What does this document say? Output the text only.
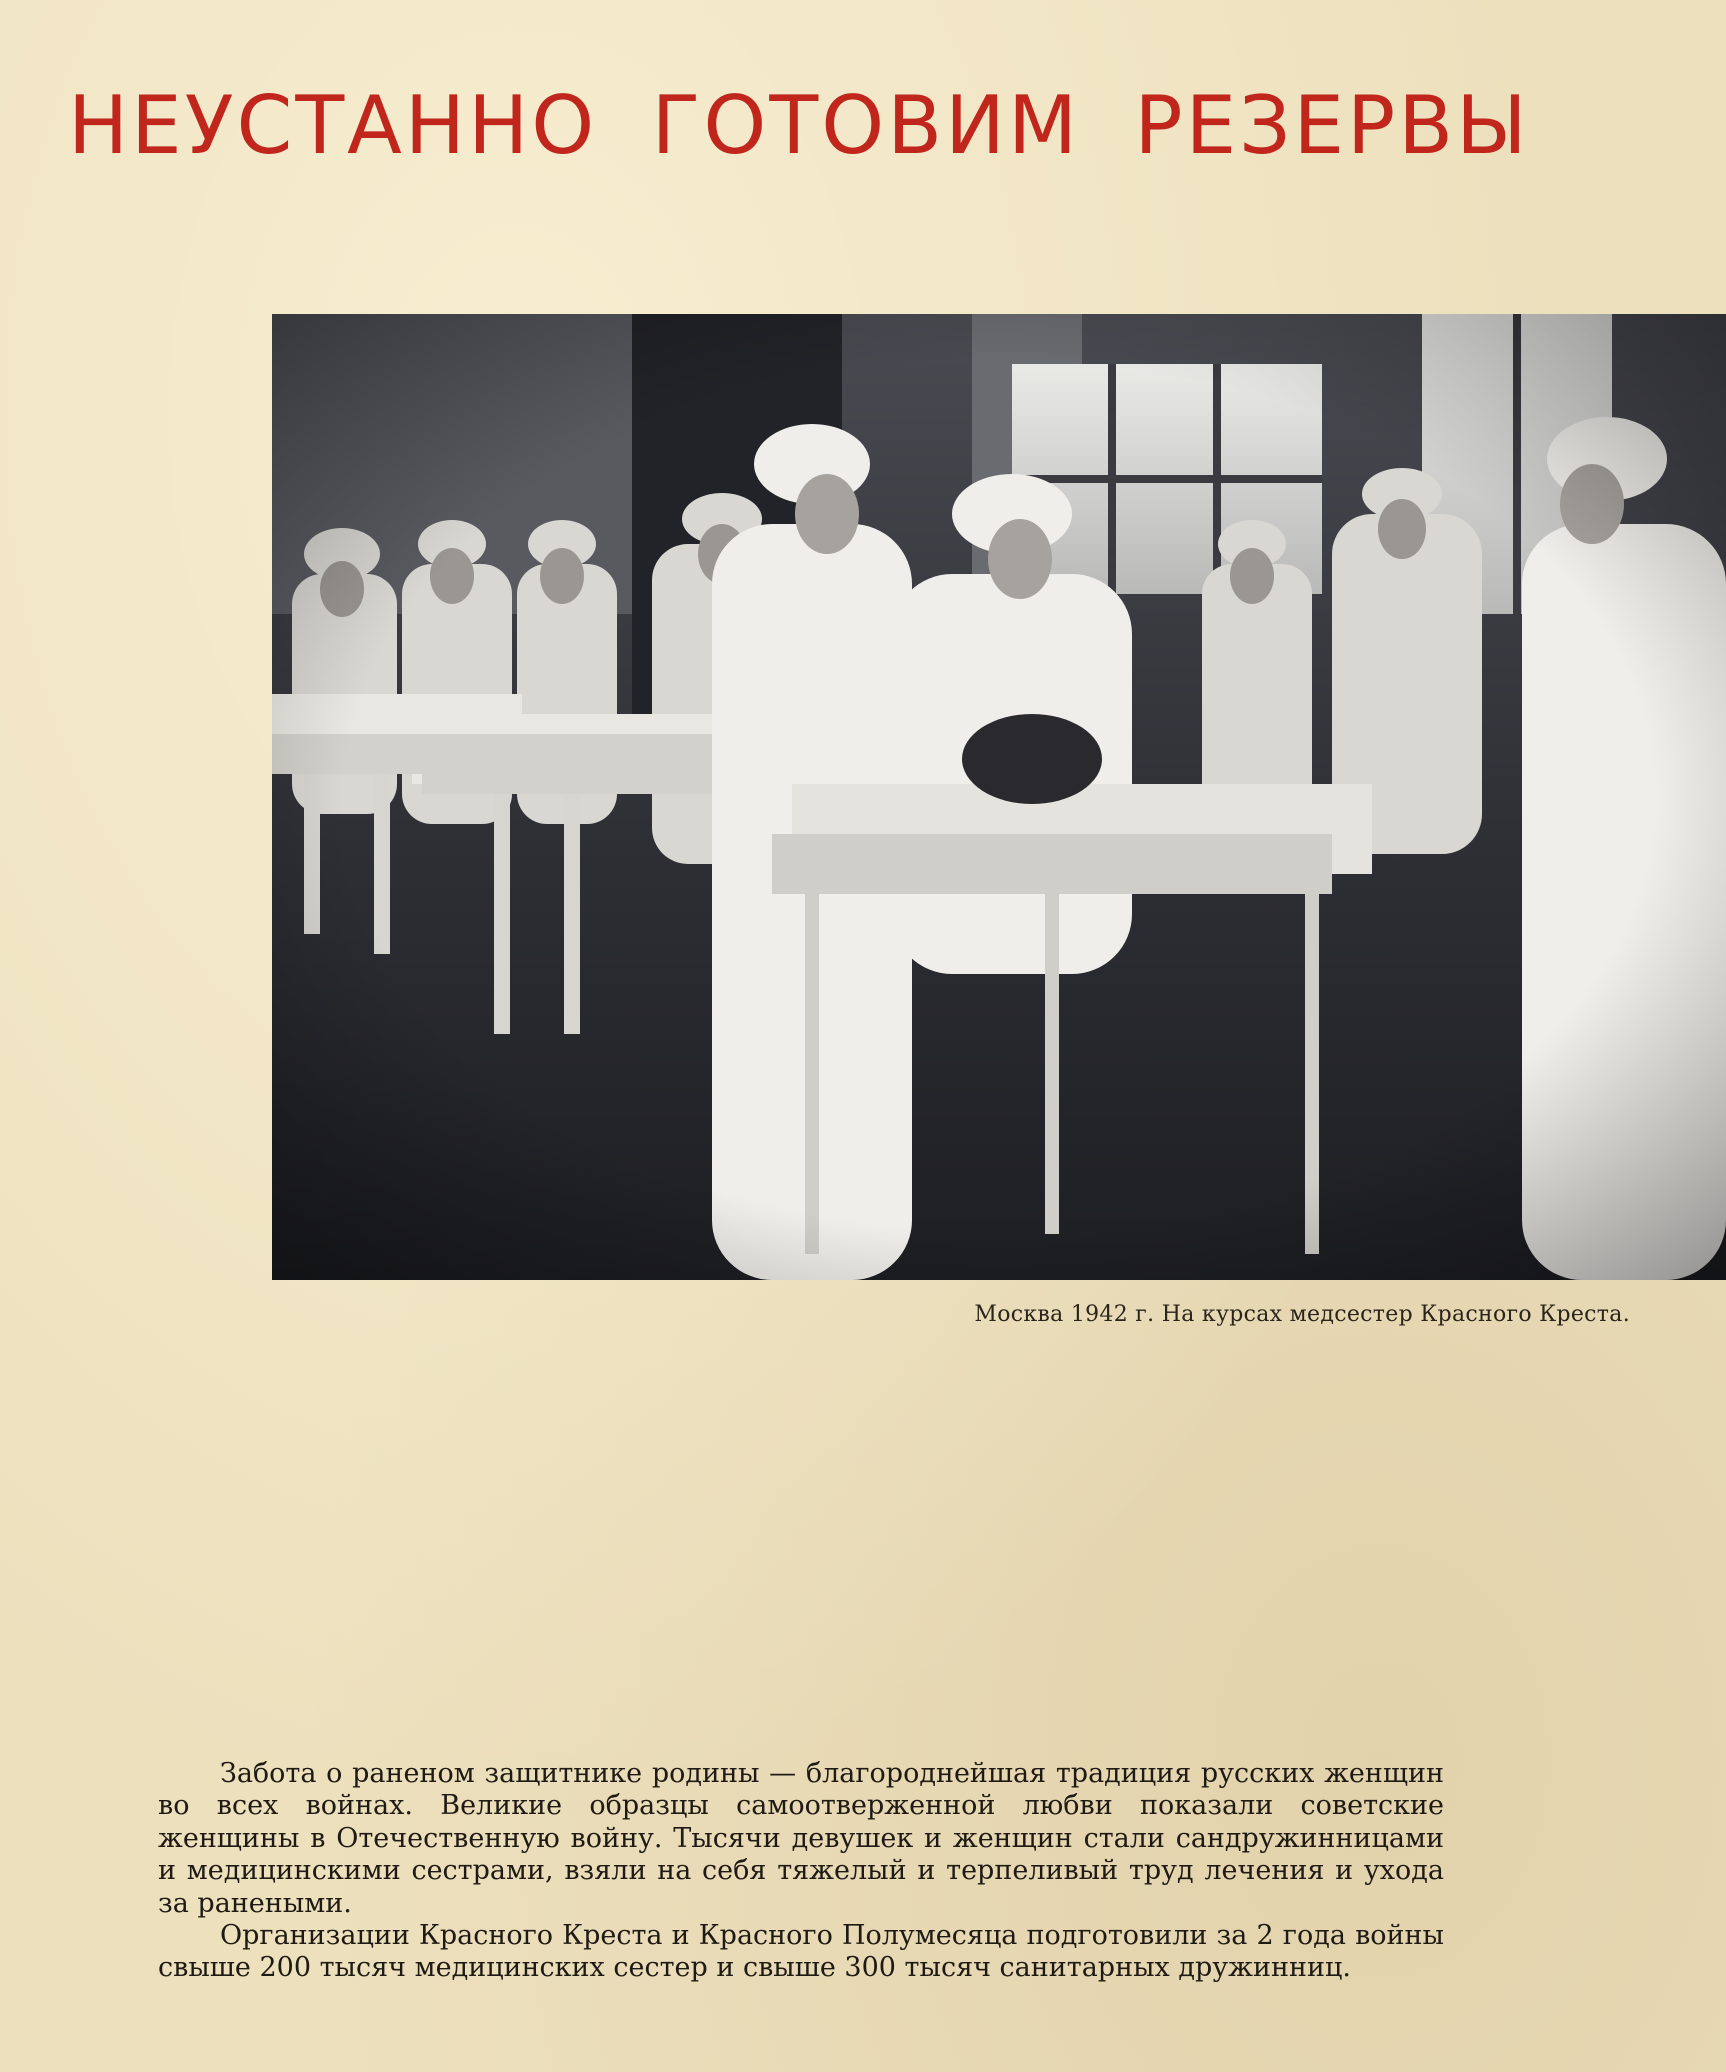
НЕУСТАННО ГОТОВИМ РЕЗЕРВЫ

Москва 1942 г. На курсах медсестер Красного Креста.

Забота о раненом защитнике родины — благороднейшая традиция русских женщин во всех войнах. Великие образцы самоотверженной любви показали советские женщины в Отечественную войну. Тысячи девушек и женщин стали сандружинницами и медицинскими сестрами, взяли на себя тяжелый и терпеливый труд лечения и ухода за ранеными.

Организации Красного Креста и Красного Полумесяца подготовили за 2 года войны свыше 200 тысяч медицинских сестер и свыше 300 тысяч санитарных дружинниц.
